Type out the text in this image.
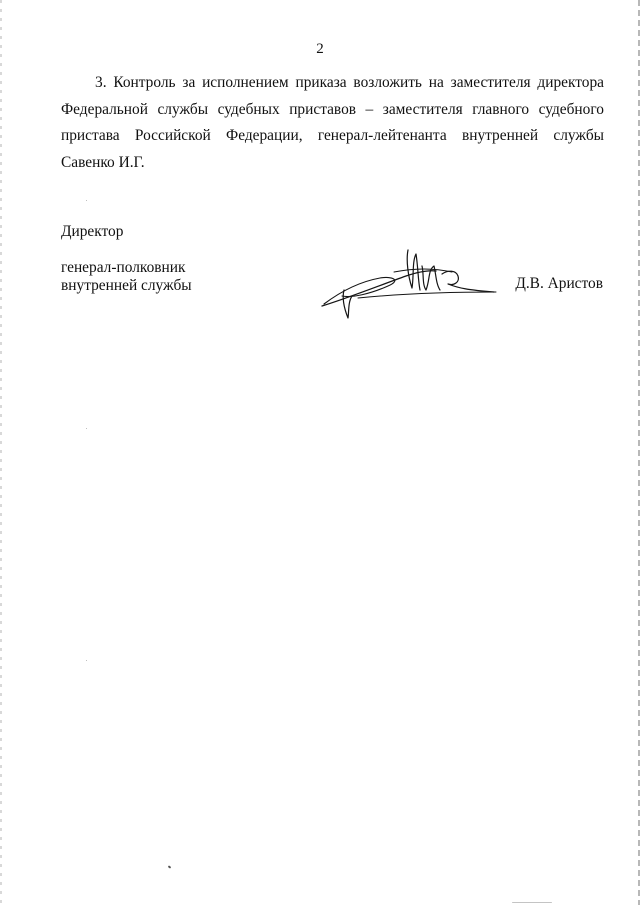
2

3. Контроль за исполнением приказа возложить на заместителя директора Федеральной службы судебных приставов – заместителя главного судебного пристава Российской Федерации, генерал-лейтенанта внутренней службы Савенко И.Г.

Директор
генерал-полковник
внутренней службы	Д.В. Аристов
